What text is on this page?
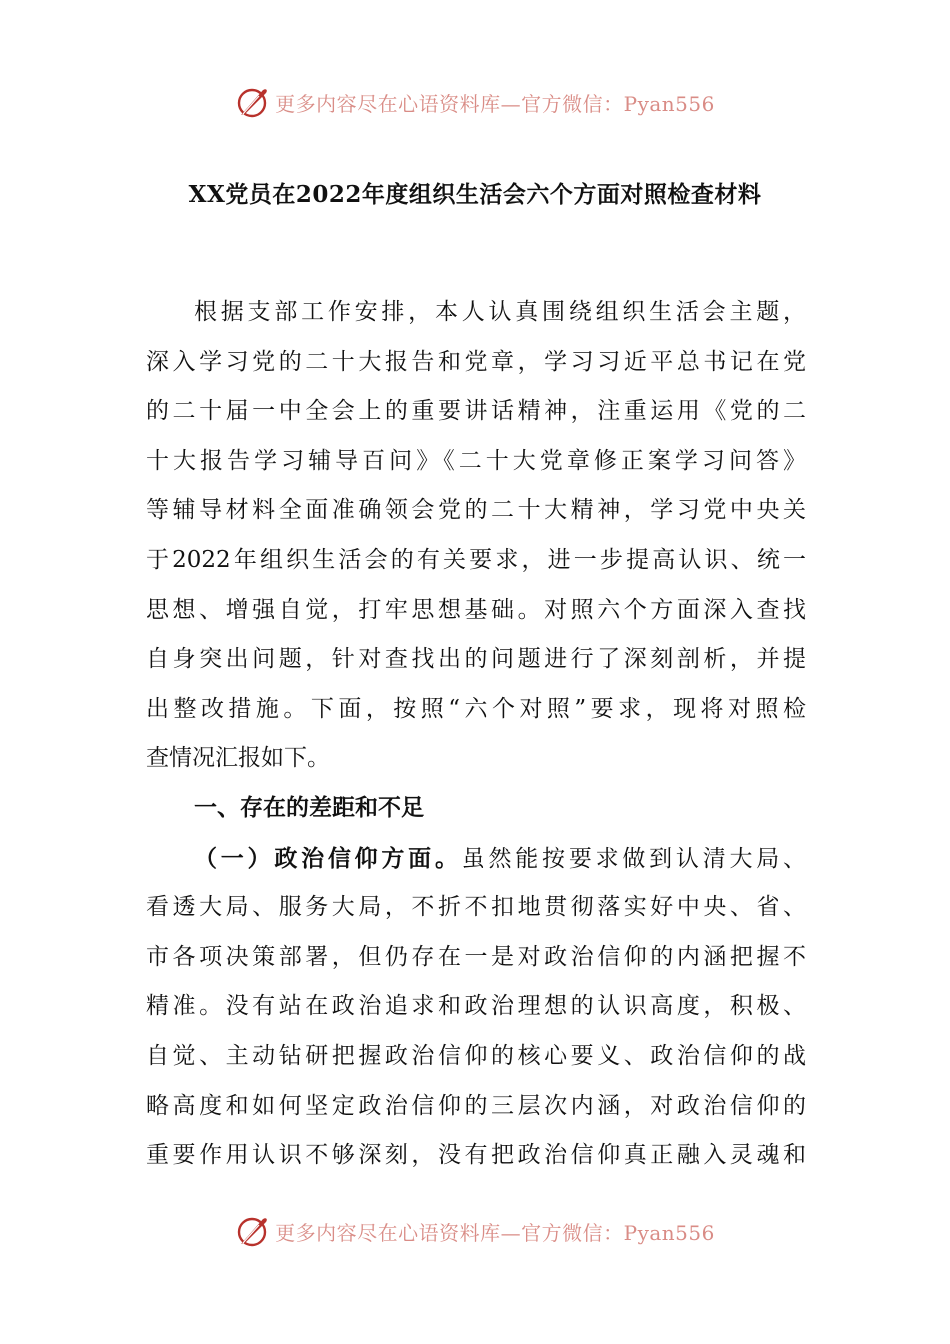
更多内容尽在心语资料库—官方微信：Pyan556
XX党员在2022年度组织生活会六个方面对照检查材料
根据支部工作安排，本人认真围绕组织生活会主题，
深入学习党的二十大报告和党章，学习习近平总书记在党
的二十届一中全会上的重要讲话精神，注重运用《党的二
十大报告学习辅导百问》《二十大党章修正案学习问答》
等辅导材料全面准确领会党的二十大精神，学习党中央关
于2022年组织生活会的有关要求，进一步提高认识、统一
思想、增强自觉，打牢思想基础。对照六个方面深入查找
自身突出问题，针对查找出的问题进行了深刻剖析，并提
出整改措施。下面，按照“六个对照”要求，现将对照检
查情况汇报如下。
一、存在的差距和不足
（一）政治信仰方面。虽然能按要求做到认清大局、
看透大局、服务大局，不折不扣地贯彻落实好中央、省、
市各项决策部署，但仍存在一是对政治信仰的内涵把握不
精准。没有站在政治追求和政治理想的认识高度，积极、
自觉、主动钻研把握政治信仰的核心要义、政治信仰的战
略高度和如何坚定政治信仰的三层次内涵，对政治信仰的
重要作用认识不够深刻，没有把政治信仰真正融入灵魂和
更多内容尽在心语资料库—官方微信：Pyan556
